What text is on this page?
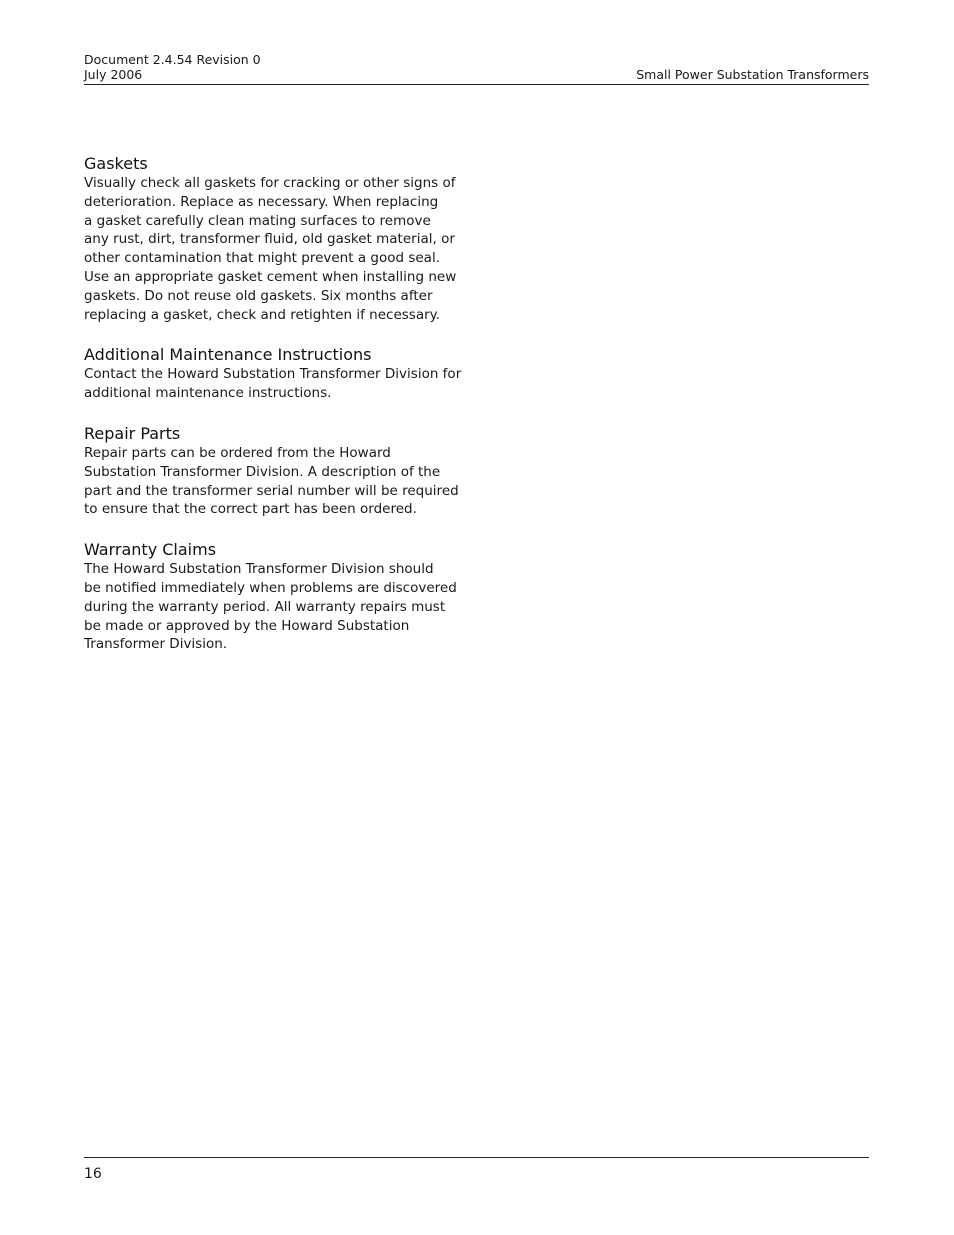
Document 2.4.54 Revision 0
July 2006	Small Power Substation Transformers
Gaskets
Visually check all gaskets for cracking or other signs of
deterioration. Replace as necessary. When replacing
a gasket carefully clean mating surfaces to remove
any rust, dirt, transformer fluid, old gasket material, or
other contamination that might prevent a good seal.
Use an appropriate gasket cement when installing new
gaskets. Do not reuse old gaskets. Six months after
replacing a gasket, check and retighten if necessary.
Additional Maintenance Instructions
Contact the Howard Substation Transformer Division for
additional maintenance instructions.
Repair Parts
Repair parts can be ordered from the Howard
Substation Transformer Division. A description of the
part and the transformer serial number will be required
to ensure that the correct part has been ordered.
Warranty Claims
The Howard Substation Transformer Division should
be notified immediately when problems are discovered
during the warranty period. All warranty repairs must
be made or approved by the Howard Substation
Transformer Division.
16
